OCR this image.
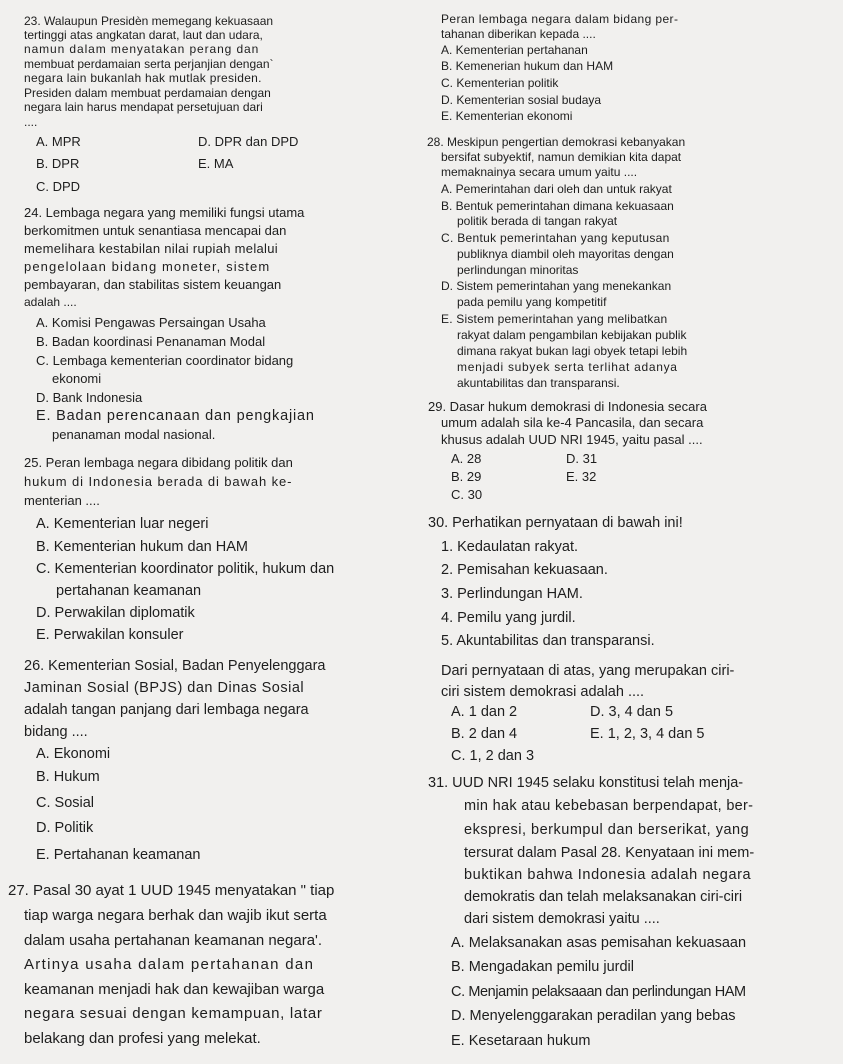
23. Walaupun Presidèn memegang kekuasaan
tertinggi atas angkatan darat, laut dan udara,
namun dalam menyatakan perang dan
membuat perdamaian serta perjanjian dengan`
negara lain bukanlah hak mutlak presiden.
Presiden dalam membuat perdamaian dengan
negara lain harus mendapat persetujuan dari
....
A. MPR
B. DPR
C. DPD
D. DPR dan DPD
E. MA
24. Lembaga negara yang memiliki fungsi utama
berkomitmen untuk senantiasa mencapai dan
memelihara kestabilan nilai rupiah melalui
pengelolaan bidang moneter, sistem
pembayaran, dan stabilitas sistem keuangan
adalah ....
A. Komisi Pengawas Persaingan Usaha
B. Badan koordinasi Penanaman Modal
C. Lembaga kementerian coordinator bidang
ekonomi
D. Bank Indonesia
E. Badan perencanaan dan pengkajian
penanaman modal nasional.
25. Peran lembaga negara dibidang politik dan
hukum di Indonesia berada di bawah ke-
menterian ....
A. Kementerian luar negeri
B. Kementerian hukum dan HAM
C. Kementerian koordinator politik, hukum dan
pertahanan keamanan
D. Perwakilan diplomatik
E. Perwakilan konsuler
26. Kementerian Sosial, Badan Penyelenggara
Jaminan Sosial (BPJS) dan Dinas Sosial
adalah tangan panjang dari lembaga negara
bidang ....
A. Ekonomi
B. Hukum
C. Sosial
D. Politik
E. Pertahanan keamanan
27. Pasal 30 ayat 1 UUD 1945 menyatakan " tiap
tiap warga negara berhak dan wajib ikut serta
dalam usaha pertahanan keamanan negara'.
Artinya usaha dalam pertahanan dan
keamanan menjadi hak dan kewajiban warga
negara sesuai dengan kemampuan, latar
belakang dan profesi yang melekat.
Peran lembaga negara dalam bidang per-
tahanan diberikan kepada ....
A. Kementerian pertahanan
B. Kemenerian hukum dan HAM
C. Kementerian politik
D. Kementerian sosial budaya
E. Kementerian ekonomi
28. Meskipun pengertian demokrasi kebanyakan
bersifat subyektif, namun demikian kita dapat
memaknainya secara umum yaitu ....
A. Pemerintahan dari oleh dan untuk rakyat
B. Bentuk pemerintahan dimana kekuasaan
politik berada di tangan rakyat
C. Bentuk pemerintahan yang keputusan
publiknya diambil oleh mayoritas dengan
perlindungan minoritas
D. Sistem pemerintahan yang menekankan
pada pemilu yang kompetitif
E. Sistem pemerintahan yang melibatkan
rakyat dalam pengambilan kebijakan publik
dimana rakyat bukan lagi obyek tetapi lebih
menjadi subyek serta terlihat adanya
akuntabilitas dan transparansi.
29. Dasar hukum demokrasi di Indonesia secara
umum adalah sila ke-4 Pancasila, dan secara
khusus adalah UUD NRI 1945, yaitu pasal ....
A. 28
B. 29
C. 30
D. 31
E. 32
30. Perhatikan pernyataan di bawah ini!
1. Kedaulatan rakyat.
2. Pemisahan kekuasaan.
3. Perlindungan HAM.
4. Pemilu yang jurdil.
5. Akuntabilitas dan transparansi.
Dari pernyataan di atas, yang merupakan ciri-
ciri sistem demokrasi adalah ....
A. 1 dan 2
B. 2 dan 4
C. 1, 2 dan 3
D. 3, 4 dan 5
E. 1, 2, 3, 4 dan 5
31. UUD NRI 1945 selaku konstitusi telah menja-
min hak atau kebebasan berpendapat, ber-
ekspresi, berkumpul dan berserikat, yang
tersurat dalam Pasal 28. Kenyataan ini mem-
buktikan bahwa Indonesia adalah negara
demokratis dan telah melaksanakan ciri-ciri
dari sistem demokrasi yaitu ....
A. Melaksanakan asas pemisahan kekuasaan
B. Mengadakan pemilu jurdil
C. Menjamin pelaksaaan dan perlindungan HAM
D. Menyelenggarakan peradilan yang bebas
E. Kesetaraan hukum
